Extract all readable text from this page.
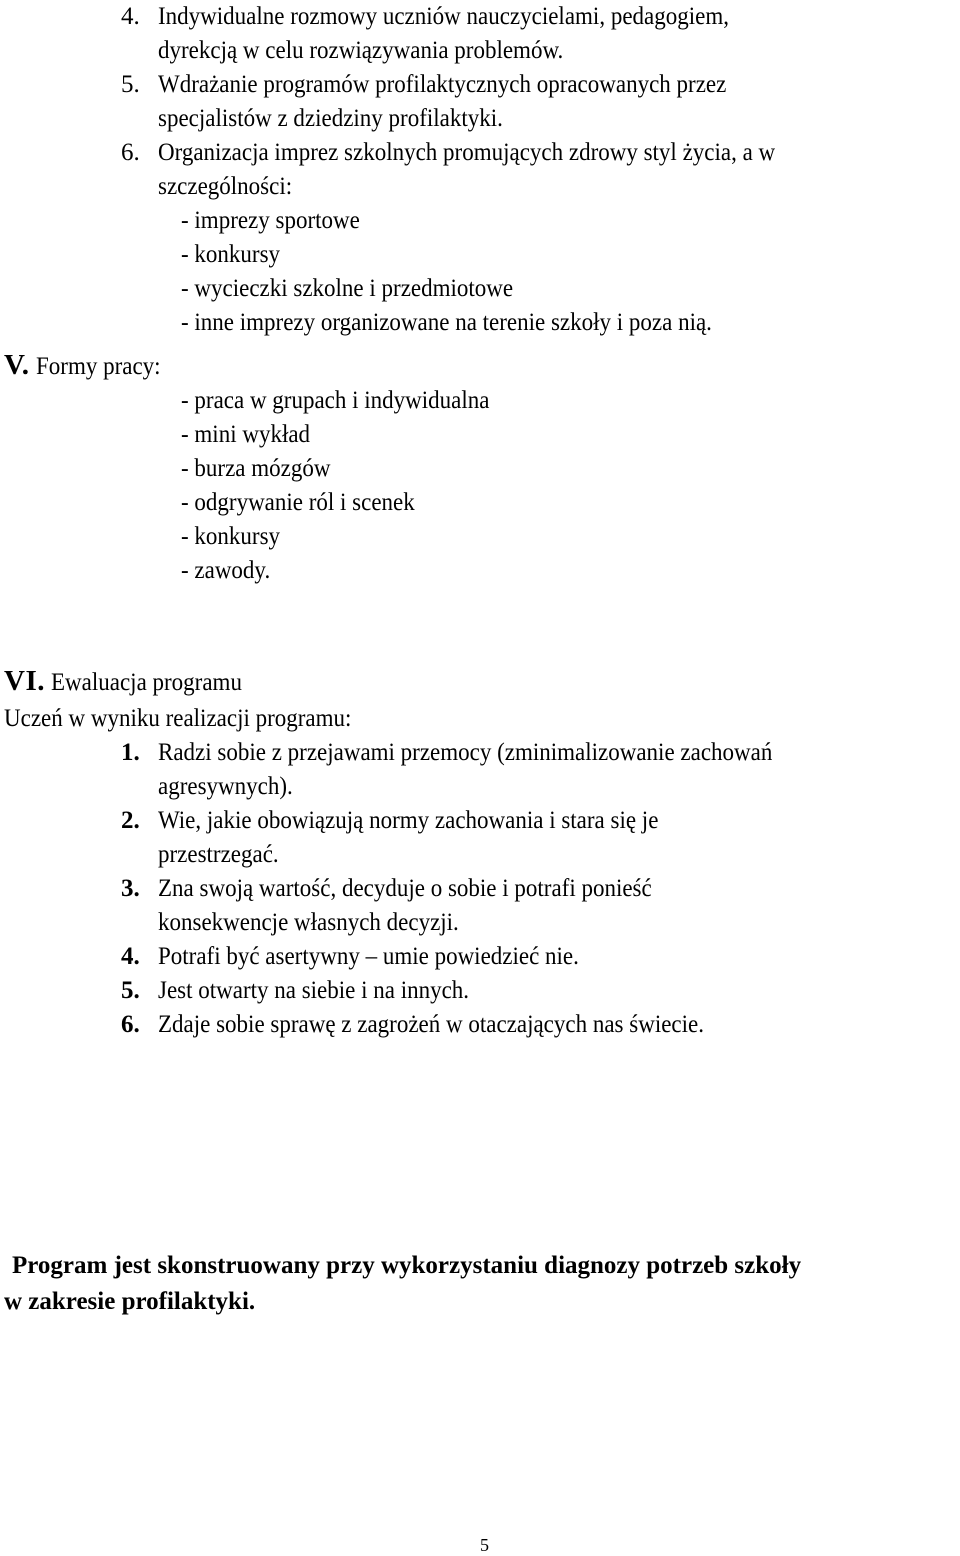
4. Indywidualne rozmowy uczniów nauczycielami, pedagogiem,
dyrekcją w celu rozwiązywania problemów.
5. Wdrażanie programów profilaktycznych opracowanych przez
specjalistów z dziedziny profilaktyki.
6. Organizacja imprez szkolnych promujących zdrowy styl życia, a w
szczególności:
- imprezy sportowe
- konkursy
- wycieczki szkolne i przedmiotowe
- inne imprezy organizowane na terenie szkoły i poza nią.
V. Formy pracy:
- praca w grupach i indywidualna
- mini wykład
- burza mózgów
- odgrywanie ról i scenek
- konkursy
- zawody.
VI. Ewaluacja programu
Uczeń w wyniku realizacji programu:
1. Radzi sobie z przejawami przemocy (zminimalizowanie zachowań
agresywnych).
2. Wie, jakie obowiązują normy zachowania i stara się je
przestrzegać.
3. Zna swoją wartość, decyduje o sobie i potrafi ponieść
konsekwencje własnych decyzji.
4. Potrafi być asertywny – umie powiedzieć nie.
5. Jest otwarty na siebie i na innych.
6. Zdaje sobie sprawę z zagrożeń w otaczających nas świecie.
Program jest skonstruowany przy wykorzystaniu diagnozy potrzeb szkoły
w zakresie profilaktyki.
5
